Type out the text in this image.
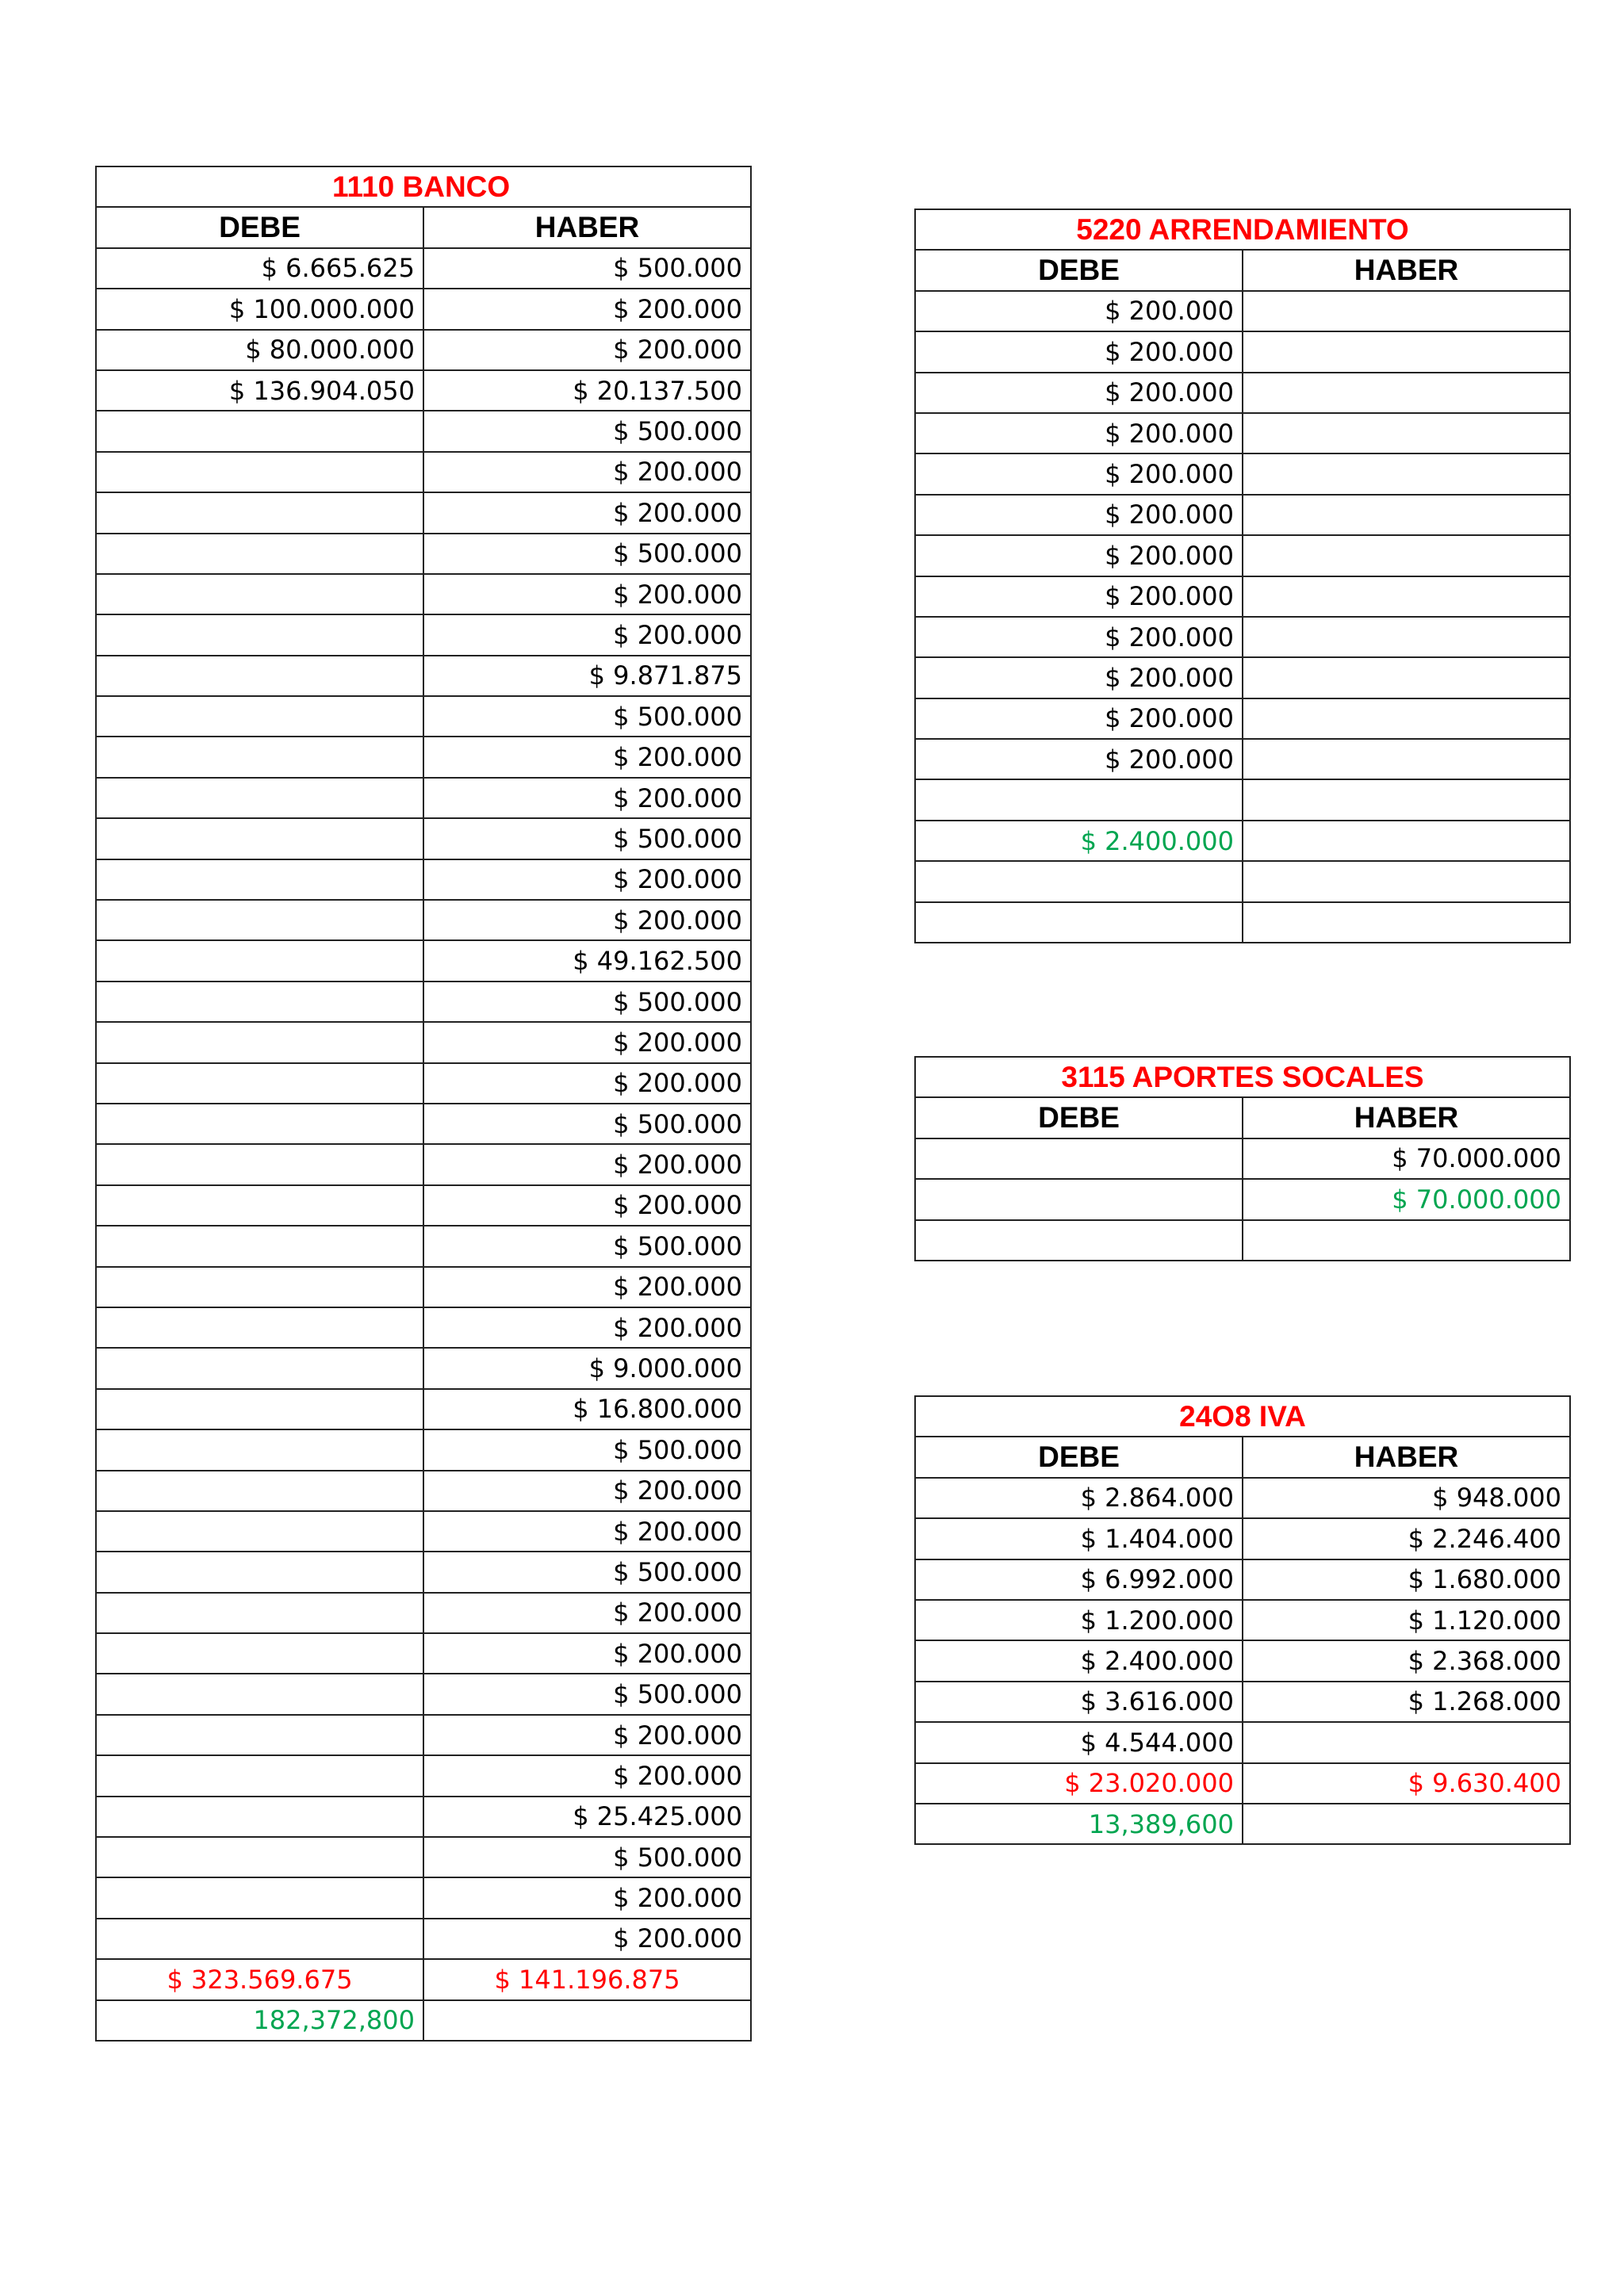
1110 BANCO	
DEBE	HABER
$ 6.665.625	$ 500.000
$ 100.000.000	$ 200.000
$ 80.000.000	$ 200.000
$ 136.904.050	$ 20.137.500
	$ 500.000
	$ 200.000
	$ 200.000
	$ 500.000
	$ 200.000
	$ 200.000
	$ 9.871.875
	$ 500.000
	$ 200.000
	$ 200.000
	$ 500.000
	$ 200.000
	$ 200.000
	$ 49.162.500
	$ 500.000
	$ 200.000
	$ 200.000
	$ 500.000
	$ 200.000
	$ 200.000
	$ 500.000
	$ 200.000
	$ 200.000
	$ 9.000.000
	$ 16.800.000
	$ 500.000
	$ 200.000
	$ 200.000
	$ 500.000
	$ 200.000
	$ 200.000
	$ 500.000
	$ 200.000
	$ 200.000
	$ 25.425.000
	$ 500.000
	$ 200.000
	$ 200.000
$ 323.569.675	$ 141.196.875
182,372,800	
5220 ARRENDAMIENTO	
DEBE	HABER
$ 200.000	
$ 200.000	
$ 200.000	
$ 200.000	
$ 200.000	
$ 200.000	
$ 200.000	
$ 200.000	
$ 200.000	
$ 200.000	
$ 200.000	
$ 200.000	

$ 2.400.000	

3115 APORTES SOCALES	
DEBE	HABER
	$ 70.000.000
	$ 70.000.000

24O8 IVA	
DEBE	HABER
$ 2.864.000	$ 948.000
$ 1.404.000	$ 2.246.400
$ 6.992.000	$ 1.680.000
$ 1.200.000	$ 1.120.000
$ 2.400.000	$ 2.368.000
$ 3.616.000	$ 1.268.000
$ 4.544.000	
$ 23.020.000	$ 9.630.400
13,389,600	
